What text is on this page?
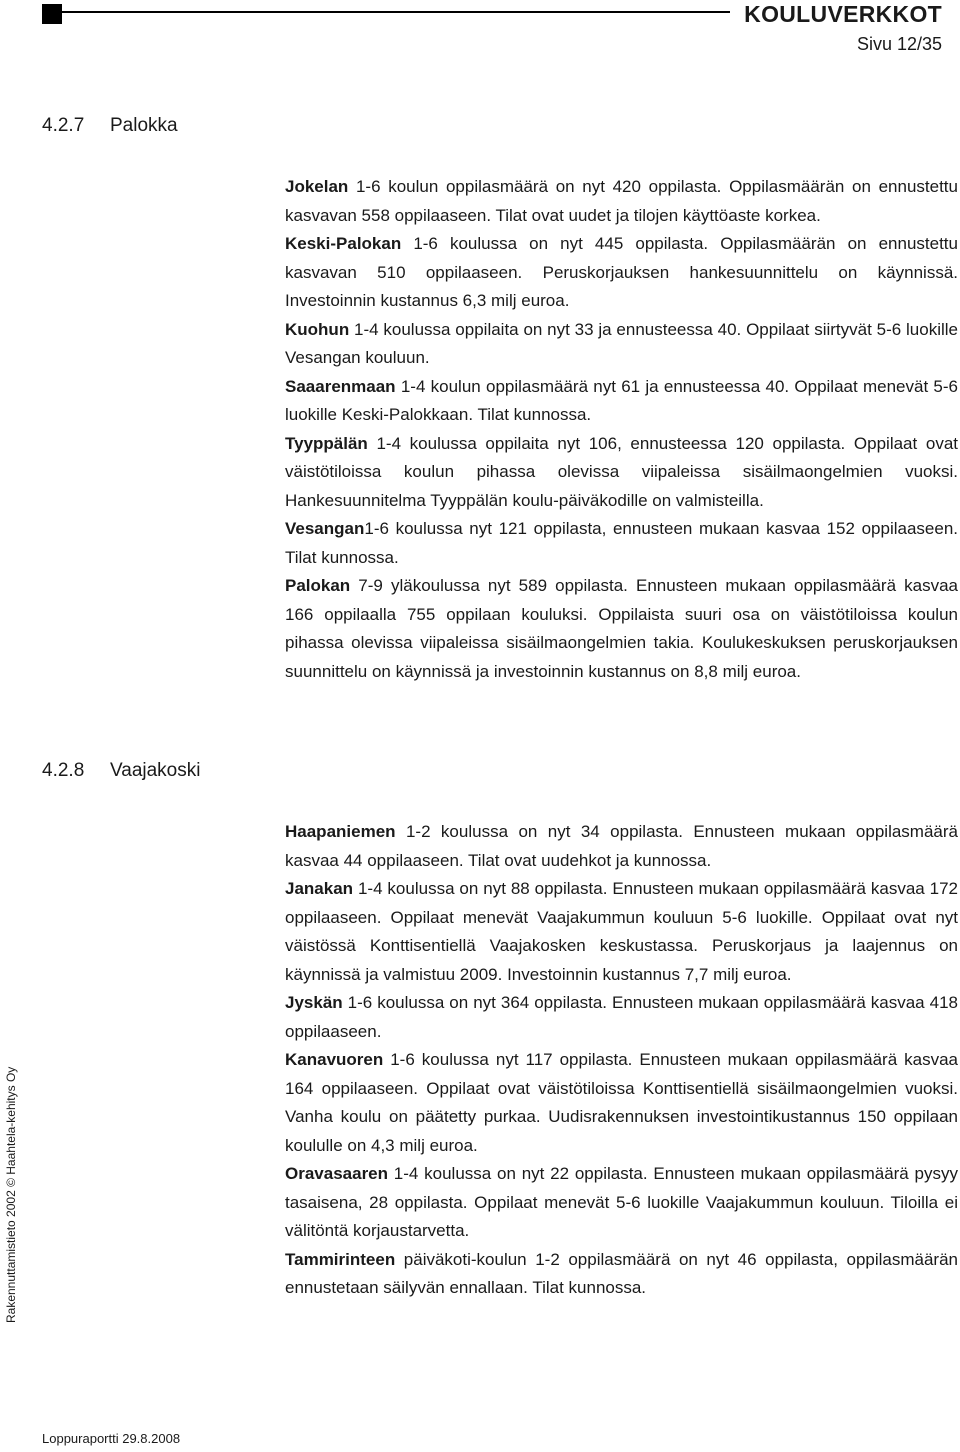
KOULUVERKKOT
Sivu 12/35
4.2.7 Palokka

Jokelan 1-6 koulun oppilasmäärä on nyt 420 oppilasta. Oppilasmäärän on ennustettu kasvavan 558 oppilaaseen. Tilat ovat uudet ja tilojen käyttöaste korkea.

Keski-Palokan 1-6 koulussa on nyt 445 oppilasta. Oppilasmäärän on ennustettu kasvavan 510 oppilaaseen. Peruskorjauksen hankesuunnittelu on käynnissä. Investoinnin kustannus 6,3 milj euroa.

Kuohun 1-4 koulussa oppilaita on nyt 33 ja ennusteessa 40. Oppilaat siirtyvät 5-6 luokille Vesangan kouluun.

Saaarenmaan 1-4 koulun oppilasmäärä nyt 61 ja ennusteessa 40. Oppilaat menevät 5-6 luokille Keski-Palokkaan. Tilat kunnossa.

Tyyppälän 1-4 koulussa oppilaita nyt 106, ennusteessa 120 oppilasta. Oppilaat ovat väistötiloissa koulun pihassa olevissa viipaleissa sisäilmaongelmien vuoksi. Hankesuunnitelma Tyyppälän koulu-päiväkodille on valmisteilla.

Vesangan1-6 koulussa nyt 121 oppilasta, ennusteen mukaan kasvaa 152 oppilaaseen. Tilat kunnossa.

Palokan 7-9 yläkoulussa nyt 589 oppilasta. Ennusteen mukaan oppilasmäärä kasvaa 166 oppilaalla 755 oppilaan kouluksi. Oppilaista suuri osa on väistötiloissa koulun pihassa olevissa viipaleissa sisäilmaongelmien takia. Koulukeskuksen peruskorjauksen suunnittelu on käynnissä ja investoinnin kustannus on 8,8 milj euroa.

4.2.8 Vaajakoski

Haapaniemen 1-2 koulussa on nyt 34 oppilasta. Ennusteen mukaan oppilasmäärä kasvaa 44 oppilaaseen. Tilat ovat uudehkot ja kunnossa.

Janakan 1-4 koulussa on nyt 88 oppilasta. Ennusteen mukaan oppilasmäärä kasvaa 172 oppilaaseen. Oppilaat menevät Vaajakummun kouluun 5-6 luokille. Oppilaat ovat nyt väistössä Konttisentiellä Vaajakosken keskustassa. Peruskorjaus ja laajennus on käynnissä ja valmistuu 2009. Investoinnin kustannus 7,7 milj euroa.

Jyskän 1-6 koulussa on nyt 364 oppilasta. Ennusteen mukaan oppilasmäärä kasvaa 418 oppilaaseen.

Kanavuoren 1-6 koulussa nyt 117 oppilasta. Ennusteen mukaan oppilasmäärä kasvaa 164 oppilaaseen. Oppilaat ovat väistötiloissa Konttisentiellä sisäilmaongelmien vuoksi. Vanha koulu on päätetty purkaa. Uudisrakennuksen investointikustannus 150 oppilaan koululle on 4,3 milj euroa.

Oravasaaren 1-4 koulussa on nyt 22 oppilasta. Ennusteen mukaan oppilasmäärä pysyy tasaisena, 28 oppilasta. Oppilaat menevät 5-6 luokille Vaajakummun kouluun. Tiloilla ei välitöntä korjaustarvetta.

Tammirinteen päiväkoti-koulun 1-2 oppilasmäärä on nyt 46 oppilasta, oppilasmäärän ennustetaan säilyvän ennallaan. Tilat kunnossa.

Rakennuttamistieto 2002 © Haahtela-kehitys Oy
Loppuraportti 29.8.2008
